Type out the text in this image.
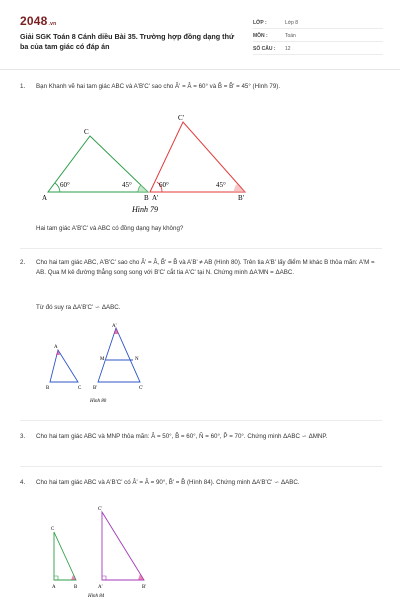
2048.vn
Giải SGK Toán 8 Cánh diều Bài 35. Trường hợp đồng dạng thứ ba của tam giác có đáp án
LỚP :	Lớp 8
MÔN :	Toán
SỐ CÂU : 12
1. Bạn Khanh vẽ hai tam giác ABC và A'B'C' sao cho Â' = Â = 60° và B̂ = B̂' = 45° (Hình 79).
A	B
C
60°	45°
A'	B'
C'
60°	45°
Hình 79
Hai tam giác A'B'C' và ABC có đồng dạng hay không?
2. Cho hai tam giác ABC, A'B'C' sao cho Â' = Â, B̂' = B̂ và A'B' ≠ AB (Hình 80). Trên tia A'B' lấy điểm M khác B thỏa mãn: A'M = AB. Qua M kẻ đường thẳng song song với B'C' cắt tia A'C' tại N. Chứng minh ΔA'MN = ΔABC.
Từ đó suy ra ΔA'B'C' ∽ ΔABC.
A
B	C
A'
M	N
B'	C'
Hình 80
3. Cho hai tam giác ABC và MNP thỏa mãn: Â = 50°, B̂ = 60°, N̂ = 60°, P̂ = 70°. Chứng minh ΔABC ∽ ΔMNP.
4. Cho hai tam giác ABC và A'B'C' có Â' = Â = 90°, B̂' = B̂ (Hình 84). Chứng minh ΔA'B'C' ∽ ΔABC.
C
A	B
C'
A'	B'
Hình 84
